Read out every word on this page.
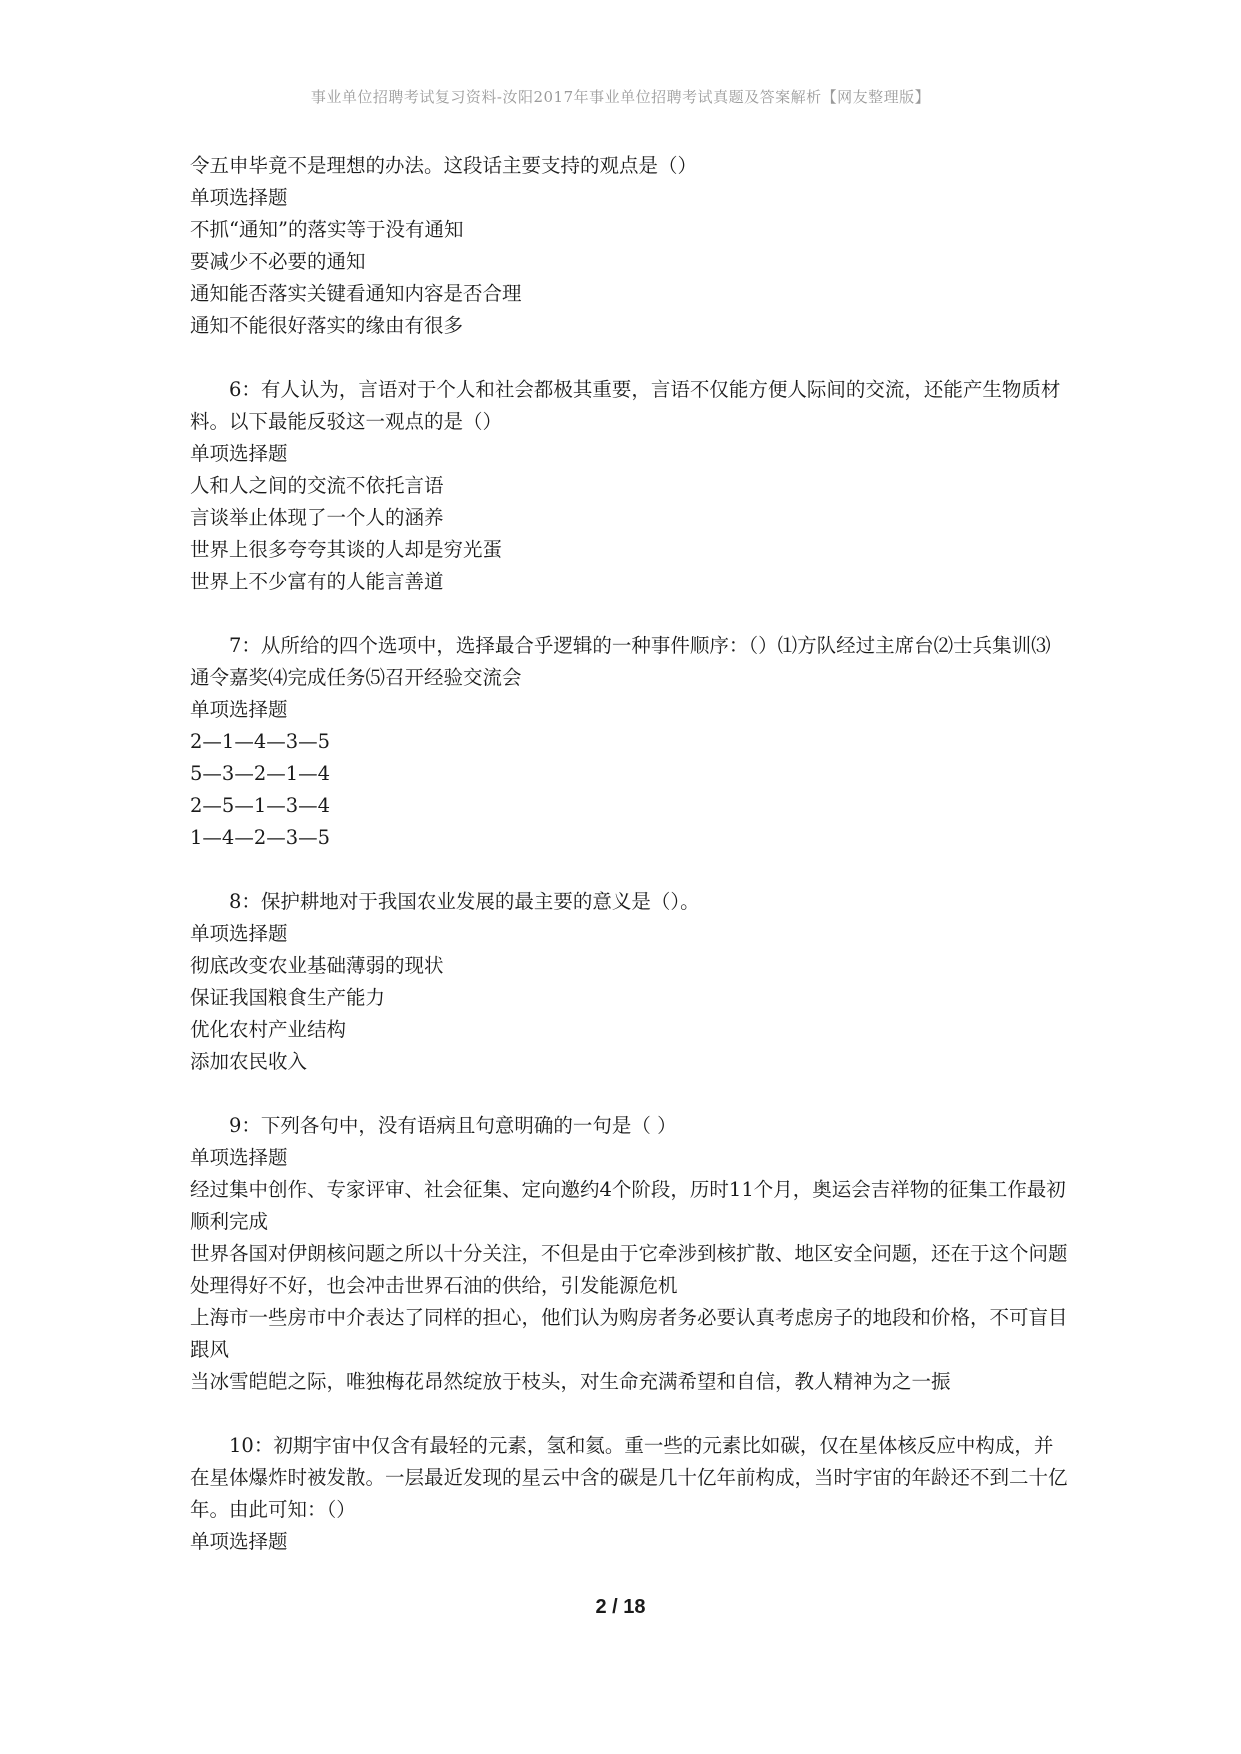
事业单位招聘考试复习资料-汝阳2017年事业单位招聘考试真题及答案解析【网友整理版】
令五申毕竟不是理想的办法。这段话主要支持的观点是（）
单项选择题
不抓“通知”的落实等于没有通知
要减少不必要的通知
通知能否落实关键看通知内容是否合理
通知不能很好落实的缘由有很多
6：有人认为，言语对于个人和社会都极其重要，言语不仅能方便人际间的交流，还能产生物质材料。以下最能反驳这一观点的是（）
单项选择题
人和人之间的交流不依托言语
言谈举止体现了一个人的涵养
世界上很多夸夸其谈的人却是穷光蛋
世界上不少富有的人能言善道
7：从所给的四个选项中，选择最合乎逻辑的一种事件顺序：（）⑴方队经过主席台⑵士兵集训⑶通令嘉奖⑷完成任务⑸召开经验交流会
单项选择题
2—1—4—3—5
5—3—2—1—4
2—5—1—3—4
1—4—2—3—5
8：保护耕地对于我国农业发展的最主要的意义是（）。
单项选择题
彻底改变农业基础薄弱的现状
保证我国粮食生产能力
优化农村产业结构
添加农民收入
9：下列各句中，没有语病且句意明确的一句是（ ）
单项选择题
经过集中创作、专家评审、社会征集、定向邀约4个阶段，历时11个月，奥运会吉祥物的征集工作最初顺利完成
世界各国对伊朗核问题之所以十分关注，不但是由于它牵涉到核扩散、地区安全问题，还在于这个问题处理得好不好，也会冲击世界石油的供给，引发能源危机
上海市一些房市中介表达了同样的担心，他们认为购房者务必要认真考虑房子的地段和价格，不可盲目跟风
当冰雪皑皑之际，唯独梅花昂然绽放于枝头，对生命充满希望和自信，教人精神为之一振
10：初期宇宙中仅含有最轻的元素，氢和氦。重一些的元素比如碳，仅在星体核反应中构成，并在星体爆炸时被发散。一层最近发现的星云中含的碳是几十亿年前构成，当时宇宙的年龄还不到二十亿年。由此可知：（）
单项选择题
2 / 18
